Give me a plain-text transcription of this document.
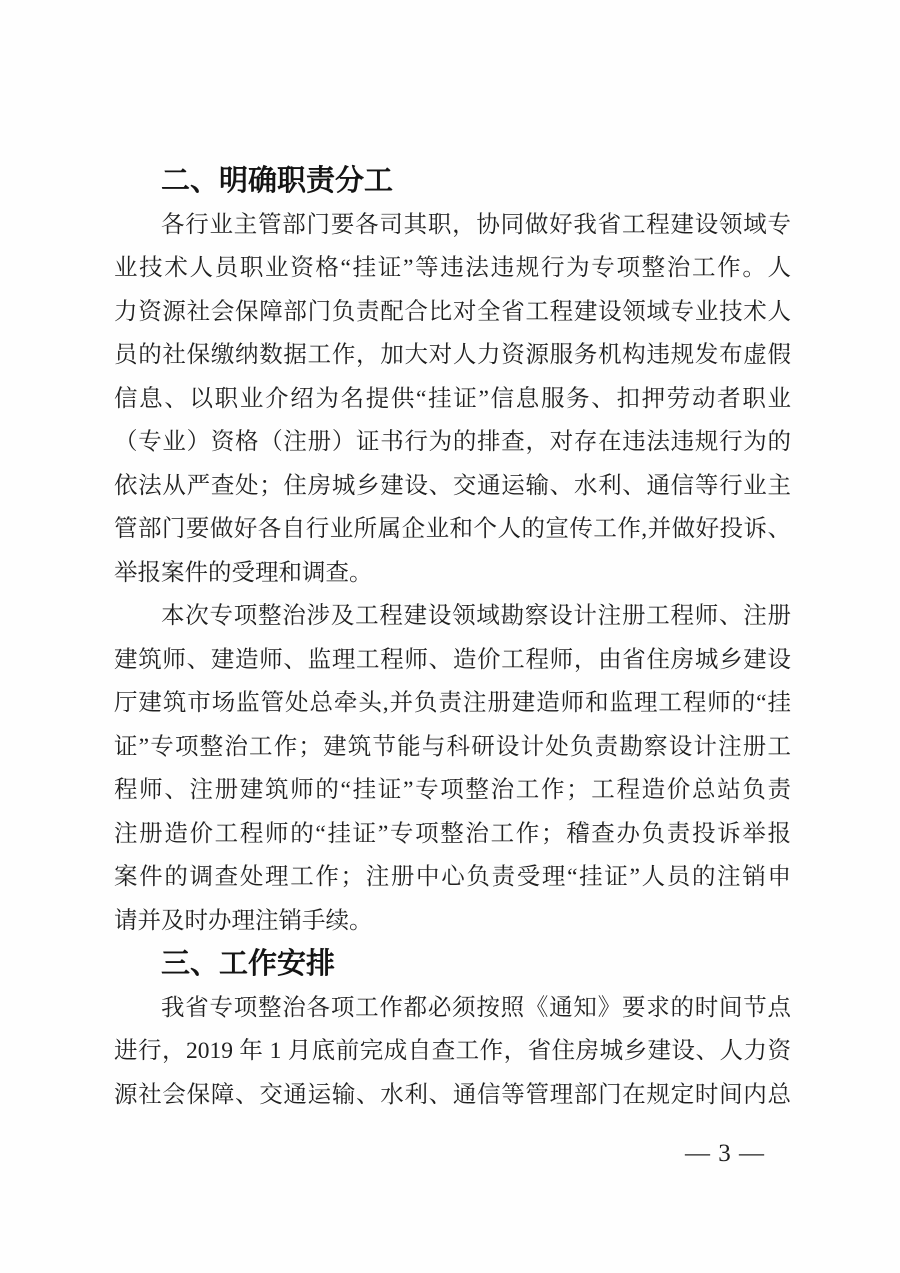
二、明确职责分工
各行业主管部门要各司其职，协同做好我省工程建设领域专
业技术人员职业资格“挂证”等违法违规行为专项整治工作。人
力资源社会保障部门负责配合比对全省工程建设领域专业技术人
员的社保缴纳数据工作，加大对人力资源服务机构违规发布虚假
信息、以职业介绍为名提供“挂证”信息服务、扣押劳动者职业
（专业）资格（注册）证书行为的排查，对存在违法违规行为的
依法从严查处；住房城乡建设、交通运输、水利、通信等行业主
管部门要做好各自行业所属企业和个人的宣传工作,并做好投诉、
举报案件的受理和调查。
本次专项整治涉及工程建设领域勘察设计注册工程师、注册
建筑师、建造师、监理工程师、造价工程师，由省住房城乡建设
厅建筑市场监管处总牵头,并负责注册建造师和监理工程师的“挂
证”专项整治工作；建筑节能与科研设计处负责勘察设计注册工
程师、注册建筑师的“挂证”专项整治工作；工程造价总站负责
注册造价工程师的“挂证”专项整治工作；稽查办负责投诉举报
案件的调查处理工作；注册中心负责受理“挂证”人员的注销申
请并及时办理注销手续。
三、工作安排
我省专项整治各项工作都必须按照《通知》要求的时间节点
进行，2019 年 1 月底前完成自查工作，省住房城乡建设、人力资
源社会保障、交通运输、水利、通信等管理部门在规定时间内总
— 3 —
